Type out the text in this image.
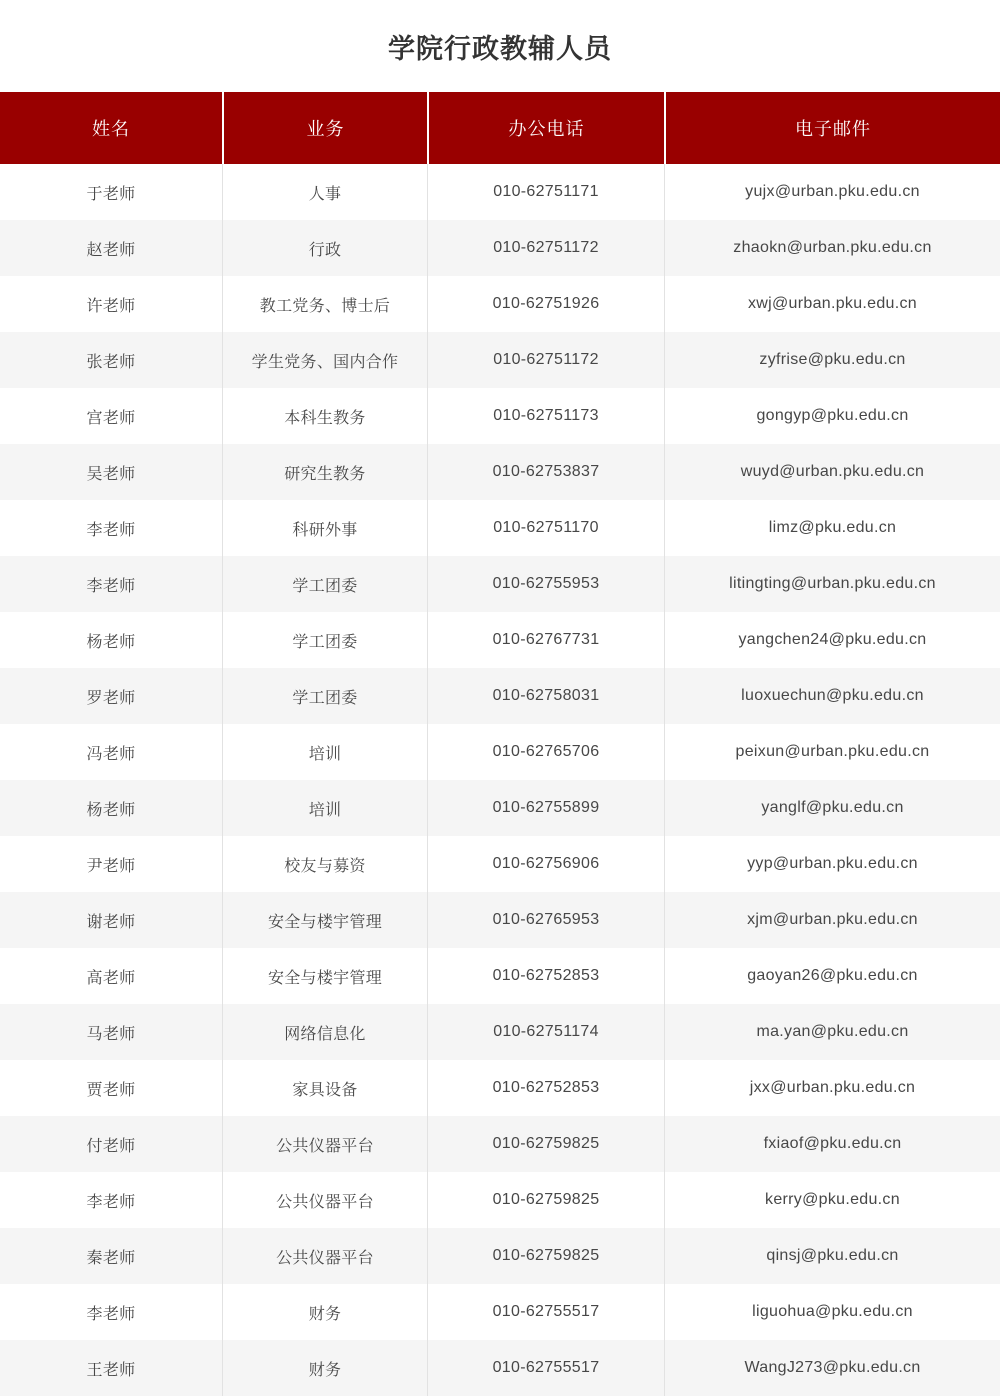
学院行政教辅人员
姓名	业务	办公电话	电子邮件
于老师	人事	010-62751171	yujx@urban.pku.edu.cn
赵老师	行政	010-62751172	zhaokn@urban.pku.edu.cn
许老师	教工党务、博士后	010-62751926	xwj@urban.pku.edu.cn
张老师	学生党务、国内合作	010-62751172	zyfrise@pku.edu.cn
宫老师	本科生教务	010-62751173	gongyp@pku.edu.cn
吴老师	研究生教务	010-62753837	wuyd@urban.pku.edu.cn
李老师	科研外事	010-62751170	limz@pku.edu.cn
李老师	学工团委	010-62755953	litingting@urban.pku.edu.cn
杨老师	学工团委	010-62767731	yangchen24@pku.edu.cn
罗老师	学工团委	010-62758031	luoxuechun@pku.edu.cn
冯老师	培训	010-62765706	peixun@urban.pku.edu.cn
杨老师	培训	010-62755899	yanglf@pku.edu.cn
尹老师	校友与募资	010-62756906	yyp@urban.pku.edu.cn
谢老师	安全与楼宇管理	010-62765953	xjm@urban.pku.edu.cn
高老师	安全与楼宇管理	010-62752853	gaoyan26@pku.edu.cn
马老师	网络信息化	010-62751174	ma.yan@pku.edu.cn
贾老师	家具设备	010-62752853	jxx@urban.pku.edu.cn
付老师	公共仪器平台	010-62759825	fxiaof@pku.edu.cn
李老师	公共仪器平台	010-62759825	kerry@pku.edu.cn
秦老师	公共仪器平台	010-62759825	qinsj@pku.edu.cn
李老师	财务	010-62755517	liguohua@pku.edu.cn
王老师	财务	010-62755517	WangJ273@pku.edu.cn
